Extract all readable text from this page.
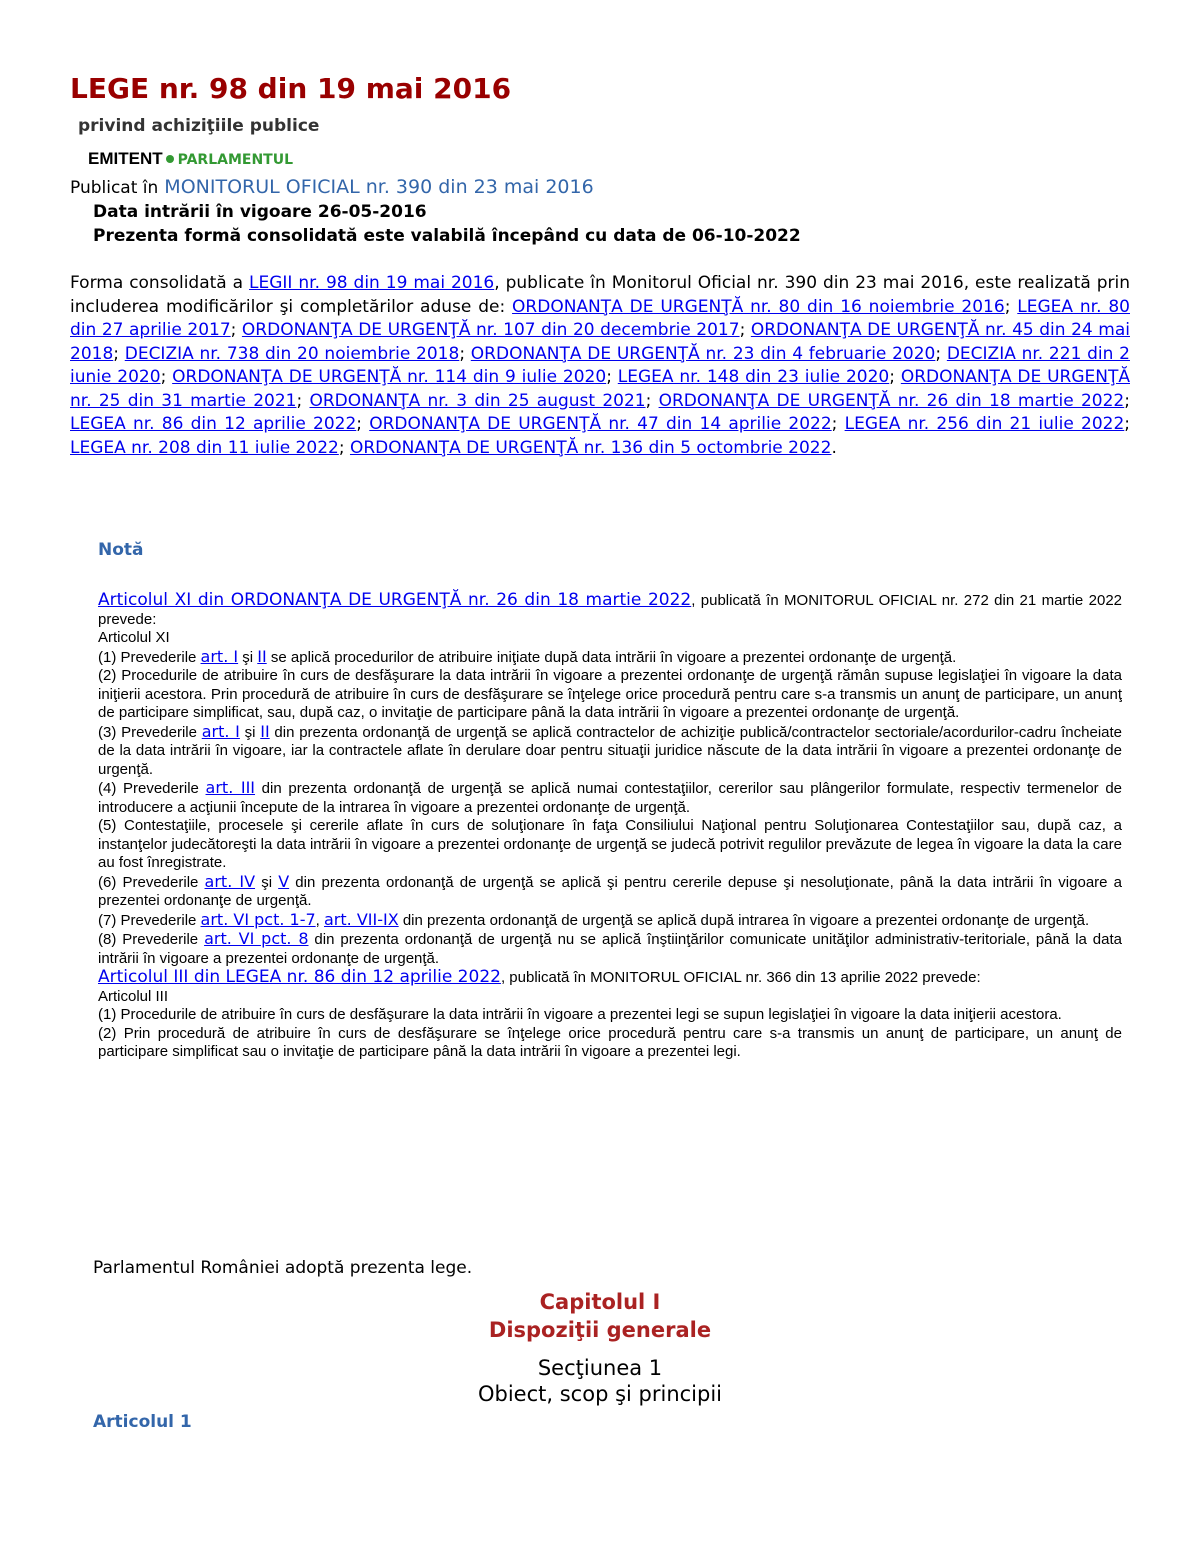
LEGE nr. 98 din 19 mai 2016
privind achiziţiile publice
EMITENT PARLAMENTUL
Publicat în MONITORUL OFICIAL nr. 390 din 23 mai 2016
Data intrării în vigoare 26-05-2016
Prezenta formă consolidată este valabilă începând cu data de 06-10-2022
Forma consolidată a LEGII nr. 98 din 19 mai 2016, publicate în Monitorul Oficial nr. 390 din 23 mai 2016, este realizată prin includerea modificărilor şi completărilor aduse de: ORDONANŢA DE URGENŢĂ nr. 80 din 16 noiembrie 2016; LEGEA nr. 80 din 27 aprilie 2017; ORDONANŢA DE URGENŢĂ nr. 107 din 20 decembrie 2017; ORDONANŢA DE URGENŢĂ nr. 45 din 24 mai 2018; DECIZIA nr. 738 din 20 noiembrie 2018; ORDONANŢA DE URGENŢĂ nr. 23 din 4 februarie 2020; DECIZIA nr. 221 din 2 iunie 2020; ORDONANŢA DE URGENŢĂ nr. 114 din 9 iulie 2020; LEGEA nr. 148 din 23 iulie 2020; ORDONANŢA DE URGENŢĂ nr. 25 din 31 martie 2021; ORDONANŢA nr. 3 din 25 august 2021; ORDONANŢA DE URGENŢĂ nr. 26 din 18 martie 2022; LEGEA nr. 86 din 12 aprilie 2022; ORDONANŢA DE URGENŢĂ nr. 47 din 14 aprilie 2022; LEGEA nr. 256 din 21 iulie 2022; LEGEA nr. 208 din 11 iulie 2022; ORDONANŢA DE URGENŢĂ nr. 136 din 5 octombrie 2022.
Notă

Articolul XI din ORDONANŢA DE URGENŢĂ nr. 26 din 18 martie 2022, publicată în MONITORUL OFICIAL nr. 272 din 21 martie 2022 prevede:

Articolul XI

(1) Prevederile art. I şi II se aplică procedurilor de atribuire iniţiate după data intrării în vigoare a prezentei ordonanţe de urgenţă.

(2) Procedurile de atribuire în curs de desfăşurare la data intrării în vigoare a prezentei ordonanţe de urgenţă rămân supuse legislaţiei în vigoare la data iniţierii acestora. Prin procedură de atribuire în curs de desfăşurare se înţelege orice procedură pentru care s-a transmis un anunţ de participare, un anunţ de participare simplificat, sau, după caz, o invitaţie de participare până la data intrării în vigoare a prezentei ordonanţe de urgenţă.

(3) Prevederile art. I şi II din prezenta ordonanţă de urgenţă se aplică contractelor de achiziţie publică/contractelor sectoriale/acordurilor-cadru încheiate de la data intrării în vigoare, iar la contractele aflate în derulare doar pentru situaţii juridice născute de la data intrării în vigoare a prezentei ordonanţe de urgenţă.

(4) Prevederile art. III din prezenta ordonanţă de urgenţă se aplică numai contestaţiilor, cererilor sau plângerilor formulate, respectiv termenelor de introducere a acţiunii începute de la intrarea în vigoare a prezentei ordonanţe de urgenţă.

(5) Contestaţiile, procesele şi cererile aflate în curs de soluţionare în faţa Consiliului Naţional pentru Soluţionarea Contestaţiilor sau, după caz, a instanţelor judecătoreşti la data intrării în vigoare a prezentei ordonanţe de urgenţă se judecă potrivit regulilor prevăzute de legea în vigoare la data la care au fost înregistrate.

(6) Prevederile art. IV şi V din prezenta ordonanţă de urgenţă se aplică şi pentru cererile depuse şi nesoluţionate, până la data intrării în vigoare a prezentei ordonanţe de urgenţă.

(7) Prevederile art. VI pct. 1-7, art. VII-IX din prezenta ordonanţă de urgenţă se aplică după intrarea în vigoare a prezentei ordonanţe de urgenţă.

(8) Prevederile art. VI pct. 8 din prezenta ordonanţă de urgenţă nu se aplică înştiinţărilor comunicate unităţilor administrativ-teritoriale, până la data intrării în vigoare a prezentei ordonanţe de urgenţă.

Articolul III din LEGEA nr. 86 din 12 aprilie 2022, publicată în MONITORUL OFICIAL nr. 366 din 13 aprilie 2022 prevede:

Articolul III

(1) Procedurile de atribuire în curs de desfăşurare la data intrării în vigoare a prezentei legi se supun legislaţiei în vigoare la data iniţierii acestora.

(2) Prin procedură de atribuire în curs de desfăşurare se înţelege orice procedură pentru care s-a transmis un anunţ de participare, un anunţ de participare simplificat sau o invitaţie de participare până la data intrării în vigoare a prezentei legi.

Parlamentul României adoptă prezenta lege.
Capitolul I
Dispoziţii generale
Secţiunea 1
Obiect, scop şi principii
Articolul 1
